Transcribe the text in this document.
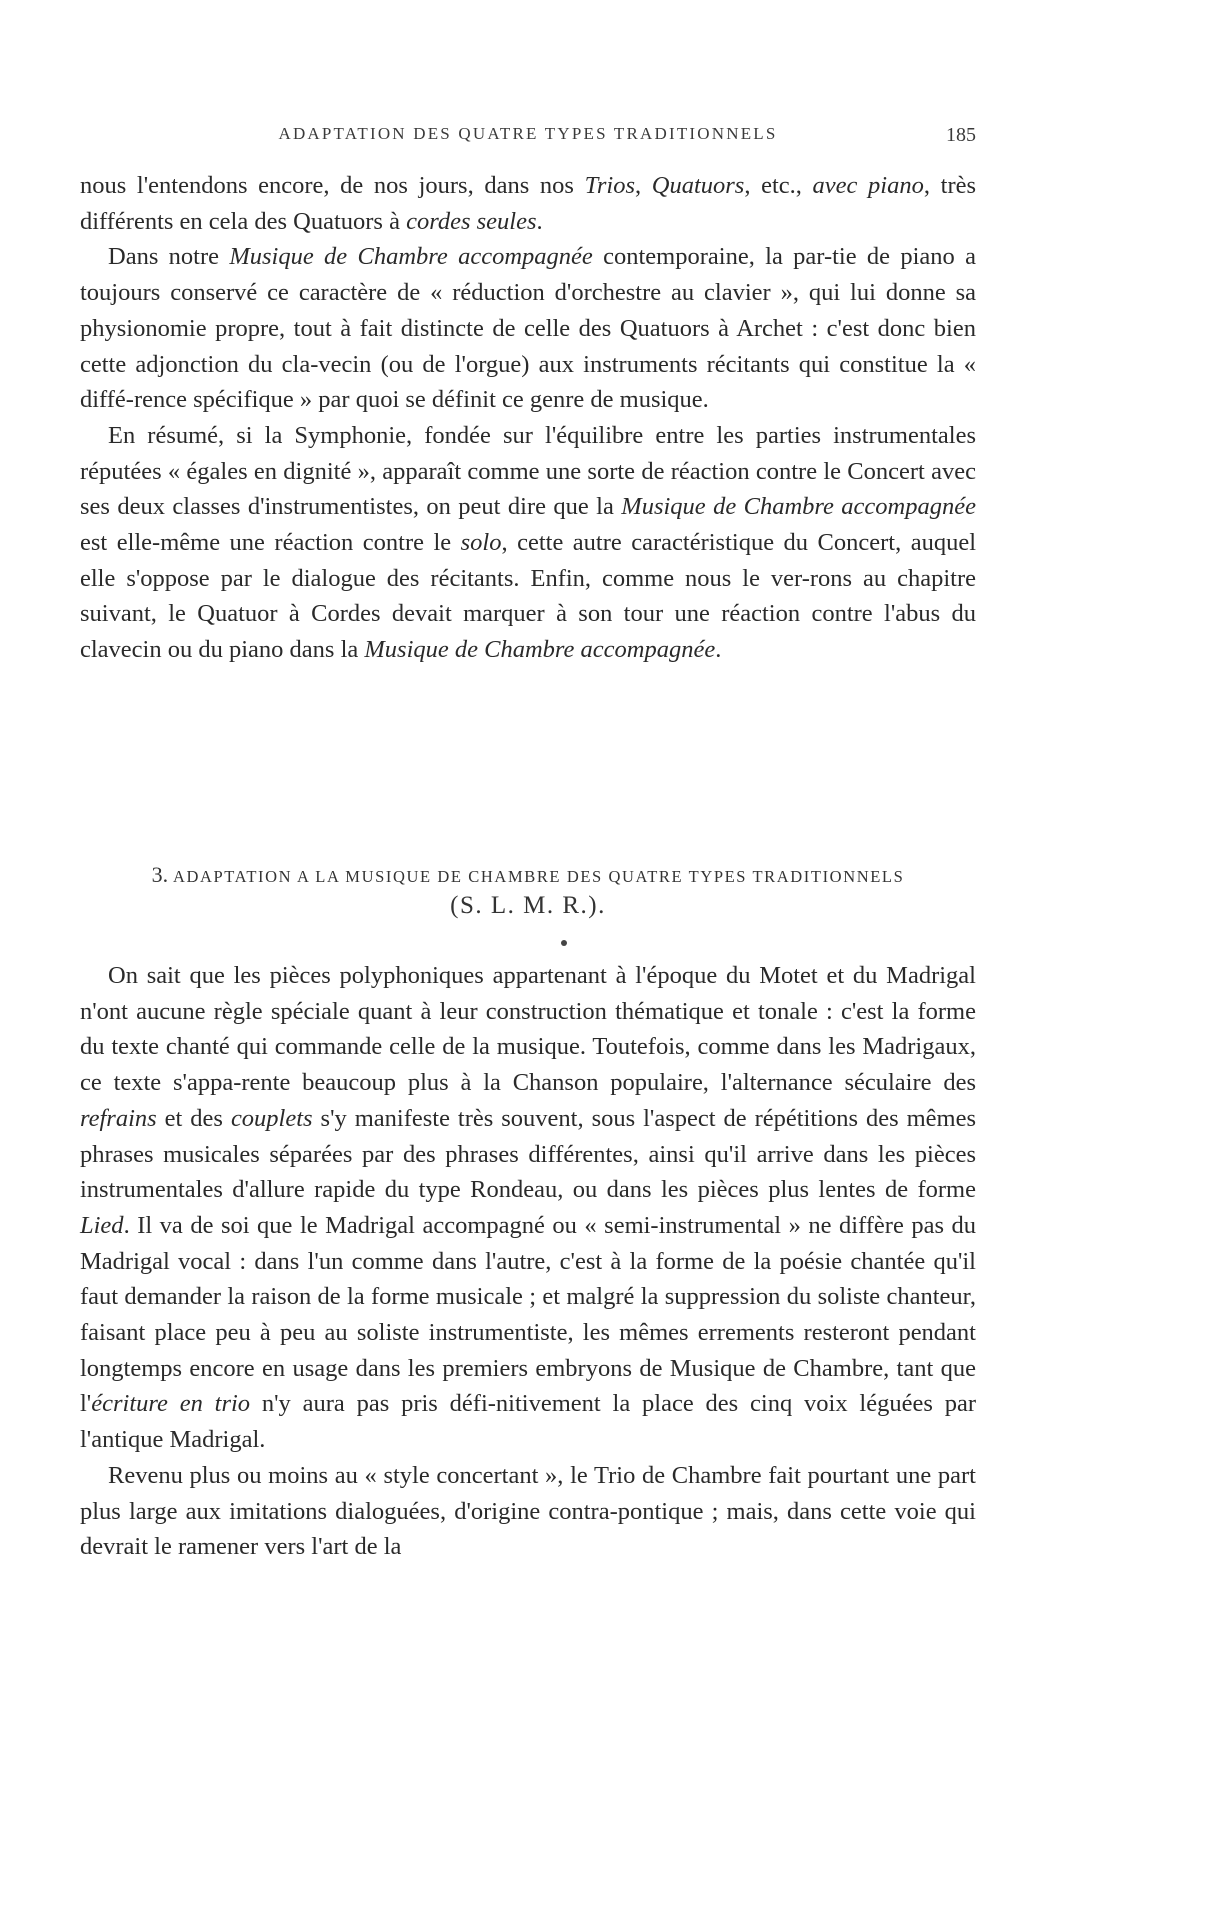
ADAPTATION DES QUATRE TYPES TRADITIONNELS	185

nous l'entendons encore, de nos jours, dans nos Trios, Quatuors, etc., avec piano, très différents en cela des Quatuors à cordes seules.

Dans notre Musique de Chambre accompagnée contemporaine, la par-tie de piano a toujours conservé ce caractère de « réduction d'orchestre au clavier », qui lui donne sa physionomie propre, tout à fait distincte de celle des Quatuors à Archet : c'est donc bien cette adjonction du cla-vecin (ou de l'orgue) aux instruments récitants qui constitue la « diffé-rence spécifique » par quoi se définit ce genre de musique.

En résumé, si la Symphonie, fondée sur l'équilibre entre les parties instrumentales réputées « égales en dignité », apparaît comme une sorte de réaction contre le Concert avec ses deux classes d'instrumentistes, on peut dire que la Musique de Chambre accompagnée est elle-même une réaction contre le solo, cette autre caractéristique du Concert, auquel elle s'oppose par le dialogue des récitants. Enfin, comme nous le ver-rons au chapitre suivant, le Quatuor à Cordes devait marquer à son tour une réaction contre l'abus du clavecin ou du piano dans la Musique de Chambre accompagnée.

3. ADAPTATION A LA MUSIQUE DE CHAMBRE DES QUATRE TYPES TRADITIONNELS
(S. L. M. R.).

On sait que les pièces polyphoniques appartenant à l'époque du Motet et du Madrigal n'ont aucune règle spéciale quant à leur construction thématique et tonale : c'est la forme du texte chanté qui commande celle de la musique. Toutefois, comme dans les Madrigaux, ce texte s'appa-rente beaucoup plus à la Chanson populaire, l'alternance séculaire des refrains et des couplets s'y manifeste très souvent, sous l'aspect de répétitions des mêmes phrases musicales séparées par des phrases différentes, ainsi qu'il arrive dans les pièces instrumentales d'allure rapide du type Rondeau, ou dans les pièces plus lentes de forme Lied. Il va de soi que le Madrigal accompagné ou « semi-instrumental » ne diffère pas du Madrigal vocal : dans l'un comme dans l'autre, c'est à la forme de la poésie chantée qu'il faut demander la raison de la forme musicale ; et malgré la suppression du soliste chanteur, faisant place peu à peu au soliste instrumentiste, les mêmes errements resteront pendant longtemps encore en usage dans les premiers embryons de Musique de Chambre, tant que l'écriture en trio n'y aura pas pris défi-nitivement la place des cinq voix léguées par l'antique Madrigal.

Revenu plus ou moins au « style concertant », le Trio de Chambre fait pourtant une part plus large aux imitations dialoguées, d'origine contra-pontique ; mais, dans cette voie qui devrait le ramener vers l'art de la
